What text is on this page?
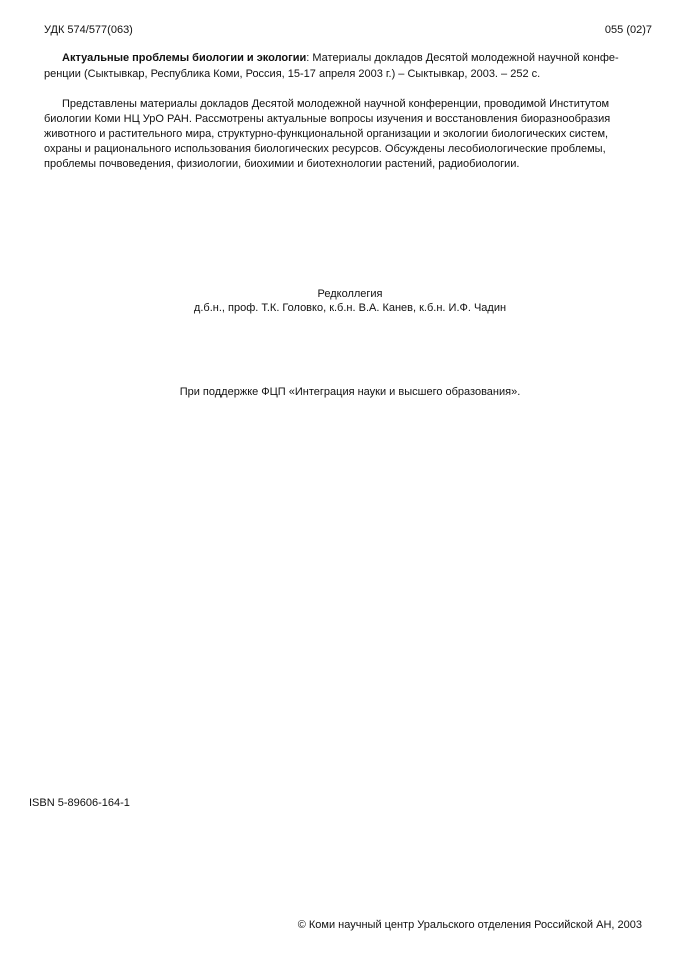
УДК 574/577(063)	055 (02)7
Актуальные проблемы биологии и экологии: Материалы докладов Десятой молодежной научной конфе-
ренции (Сыктывкар, Республика Коми, Россия, 15-17 апреля 2003 г.) – Сыктывкар, 2003. – 252 с.
Представлены материалы докладов Десятой молодежной научной конференции, проводимой Институтом
биологии Коми НЦ УрО РАН. Рассмотрены актуальные вопросы изучения и восстановления биоразнообразия
животного и растительного мира, структурно-функциональной организации и экологии биологических систем,
охраны и рационального использования биологических ресурсов. Обсуждены лесобиологические проблемы,
проблемы почвоведения, физиологии, биохимии и биотехнологии растений, радиобиологии.
Редколлегия
д.б.н., проф. Т.К. Головко, к.б.н. В.А. Канев, к.б.н. И.Ф. Чадин
При поддержке ФЦП «Интеграция науки и высшего образования».
ISBN 5-89606-164-1
© Коми научный центр Уральского отделения Российской АН, 2003
